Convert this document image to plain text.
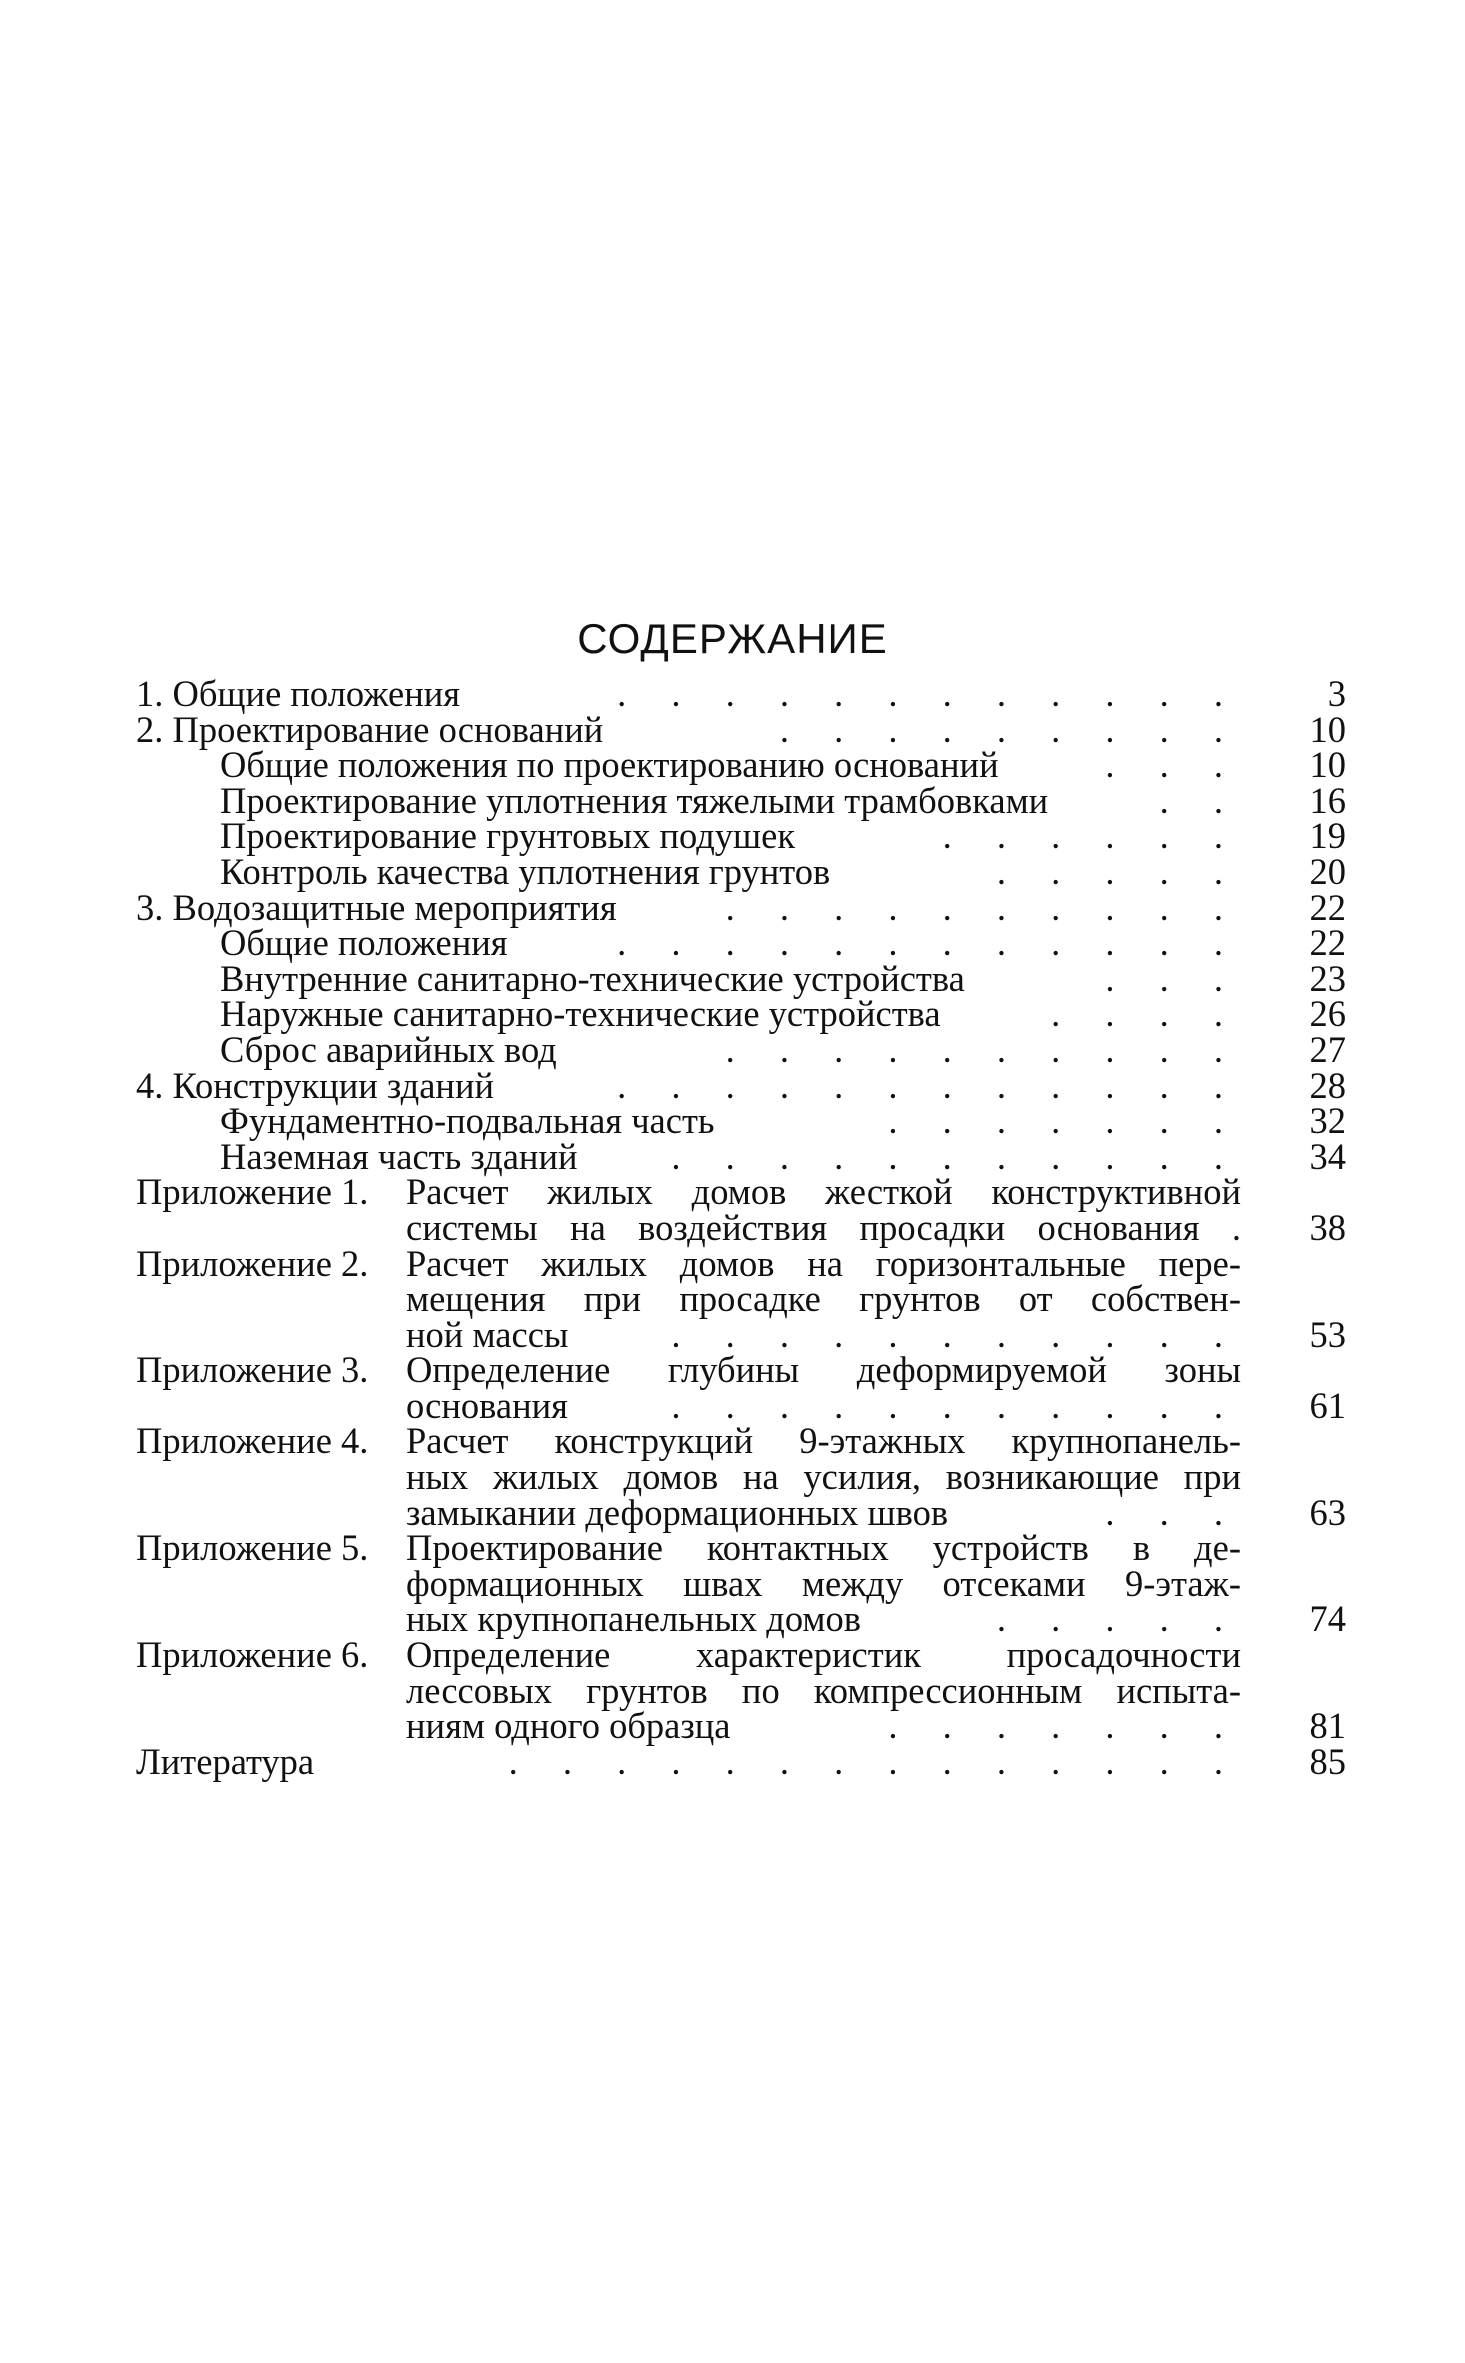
СОДЕРЖАНИЕ
1. Общие положения	. . . . . . . . . . . .	3
2. Проектирование оснований	. . . . . . . . .	10
Общие положения по проектированию оснований	. . .	10
Проектирование уплотнения тяжелыми трамбовками	. .	16
Проектирование грунтовых подушек	. . . . . .	19
Контроль качества уплотнения грунтов	. . . . .	20
3. Водозащитные мероприятия	. . . . . . . . . .	22
Общие положения	. . . . . . . . . . . .	22
Внутренние санитарно-технические устройства	. . .	23
Наружные санитарно-технические устройства	. . . .	26
Сброс аварийных вод	. . . . . . . . . .	27
4. Конструкции зданий	. . . . . . . . . . . .	28
Фундаментно-подвальная часть	. . . . . . .	32
Наземная часть зданий	. . . . . . . . . . .	34
Приложение 1. Расчет жилых домов жесткой конструктивной
системы на воздействия просадки основания .	38
Приложение 2. Расчет жилых домов на горизонтальные пере-
мещения при просадке грунтов от собствен-
ной массы	. . . . . . . . . . .	53
Приложение 3. Определение глубины деформируемой зоны
основания	. . . . . . . . . . .	61
Приложение 4. Расчет конструкций 9-этажных крупнопанель-
ных жилых домов на усилия, возникающие при
замыкании деформационных швов	. . .	63
Приложение 5. Проектирование контактных устройств в де-
формационных швах между отсеками 9-этаж-
ных крупнопанельных домов	. . . . .	74
Приложение 6. Определение характеристик просадочности
лессовых грунтов по компрессионным испыта-
ниям одного образца	. . . . . . .	81
Литература	. . . . . . . . . . . . . .	85
